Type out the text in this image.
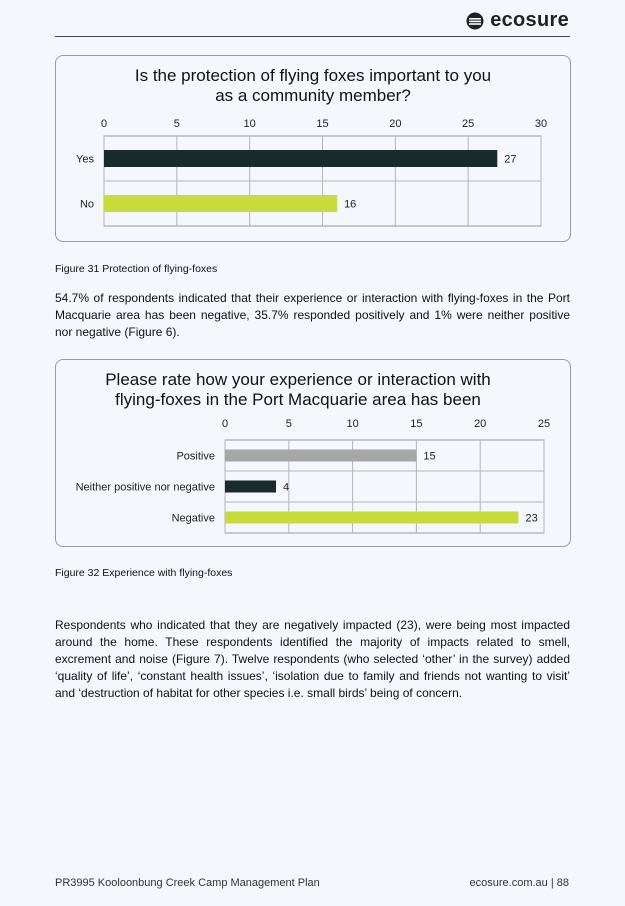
ecosure
Is the protection of flying foxes important to you
as a community member?
0	5	10	15	20	25	30
Yes	27
No	16
Figure 31 Protection of flying-foxes

54.7% of respondents indicated that their experience or interaction with flying-foxes in the Port Macquarie area has been negative, 35.7% responded positively and 1% were neither positive nor negative (Figure 6).

Please rate how your experience or interaction with
flying-foxes in the Port Macquarie area has been
0	5	10	15	20	25
Positive	15
Neither positive nor negative	4
Negative	23
Figure 32 Experience with flying-foxes

Respondents who indicated that they are negatively impacted (23), were being most impacted around the home. These respondents identified the majority of impacts related to smell, excrement and noise (Figure 7). Twelve respondents (who selected ‘other’ in the survey) added ‘quality of life’, ‘constant health issues’, ‘isolation due to family and friends not wanting to visit’ and ‘destruction of habitat for other species i.e. small birds’ being of concern.

PR3995 Kooloonbung Creek Camp Management Plan	ecosure.com.au | 88
